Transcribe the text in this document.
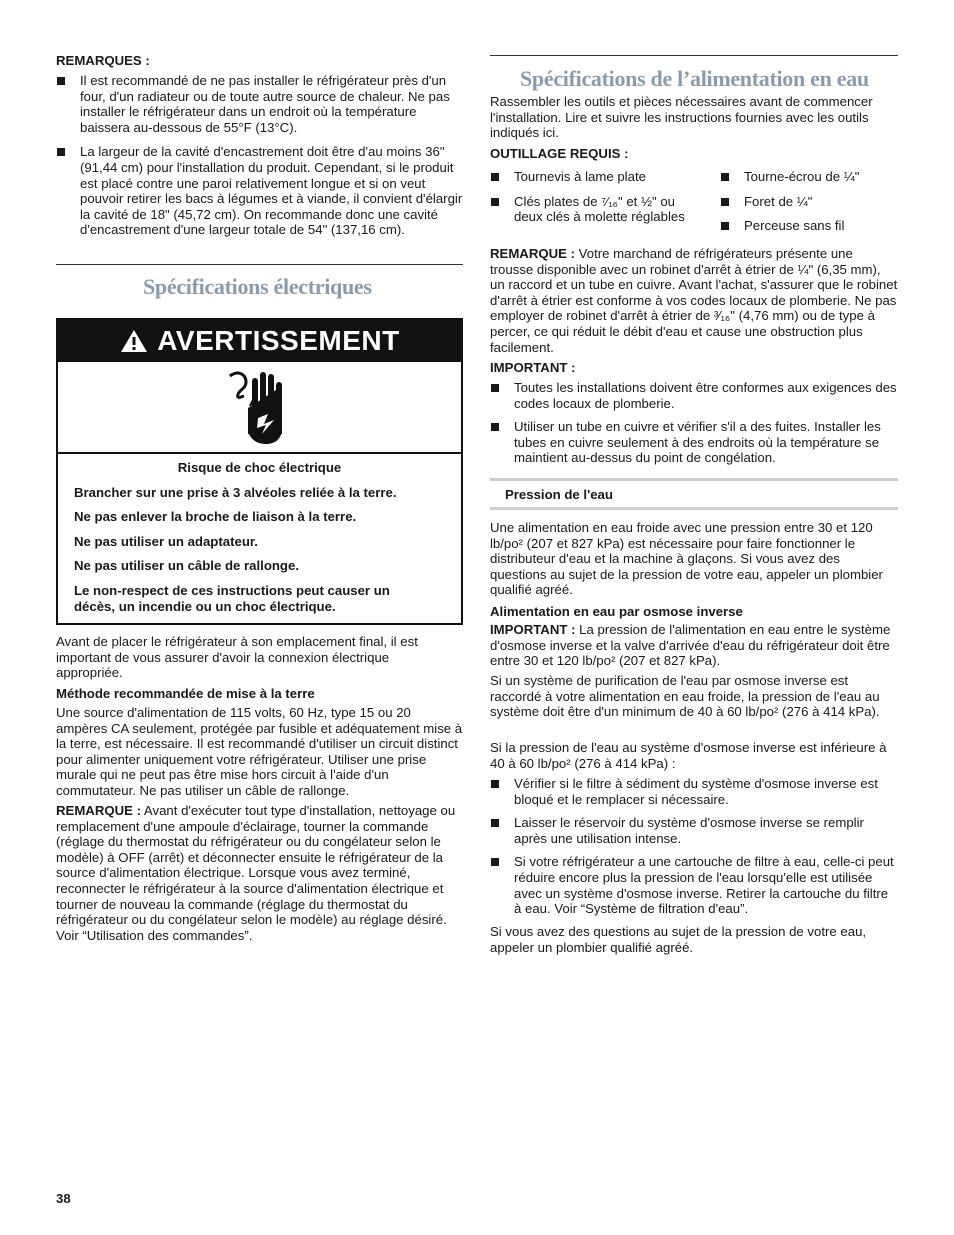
REMARQUES :

Il est recommandé de ne pas installer le réfrigérateur près d'un four, d'un radiateur ou de toute autre source de chaleur. Ne pas installer le réfrigérateur dans un endroit où la température baissera au-dessous de 55°F (13°C).
La largeur de la cavité d'encastrement doit être d'au moins 36" (91,44 cm) pour l'installation du produit. Cependant, si le produit est placé contre une paroi relativement longue et si on veut pouvoir retirer les bacs à légumes et à viande, il convient d'élargir la cavité de 18" (45,72 cm). On recommande donc une cavité d'encastrement d'une largeur totale de 54" (137,16 cm).
Spécifications électriques
AVERTISSEMENT

Risque de choc électrique

Brancher sur une prise à 3 alvéoles reliée à la terre.

Ne pas enlever la broche de liaison à la terre.

Ne pas utiliser un adaptateur.

Ne pas utiliser un câble de rallonge.

Le non-respect de ces instructions peut causer un décès, un incendie ou un choc électrique.

Avant de placer le réfrigérateur à son emplacement final, il est important de vous assurer d'avoir la connexion électrique appropriée.

Méthode recommandée de mise à la terre

Une source d'alimentation de 115 volts, 60 Hz, type 15 ou 20 ampères CA seulement, protégée par fusible et adéquatement mise à la terre, est nécessaire. Il est recommandé d'utiliser un circuit distinct pour alimenter uniquement votre réfrigérateur. Utiliser une prise murale qui ne peut pas être mise hors circuit à l'aide d'un commutateur. Ne pas utiliser un câble de rallonge.

REMARQUE : Avant d'exécuter tout type d'installation, nettoyage ou remplacement d'une ampoule d'éclairage, tourner la commande (réglage du thermostat du réfrigérateur ou du congélateur selon le modèle) à OFF (arrêt) et déconnecter ensuite le réfrigérateur de la source d'alimentation électrique. Lorsque vous avez terminé, reconnecter le réfrigérateur à la source d'alimentation électrique et tourner de nouveau la commande (réglage du thermostat du réfrigérateur ou du congélateur selon le modèle) au réglage désiré. Voir “Utilisation des commandes”.

Spécifications de l’alimentation en eau

Rassembler les outils et pièces nécessaires avant de commencer l'installation. Lire et suivre les instructions fournies avec les outils indiqués ici.

OUTILLAGE REQUIS :

Tournevis à lame plate
Clés plates de ⁷⁄₁₆" et ½" ou deux clés à molette réglables
Tourne-écrou de ¼"
Foret de ¼"
Perceuse sans fil

REMARQUE : Votre marchand de réfrigérateurs présente une trousse disponible avec un robinet d'arrêt à étrier de ¼" (6,35 mm), un raccord et un tube en cuivre. Avant l'achat, s'assurer que le robinet d'arrêt à étrier est conforme à vos codes locaux de plomberie. Ne pas employer de robinet d'arrêt à étrier de ³⁄₁₆" (4,76 mm) ou de type à percer, ce qui réduit le débit d'eau et cause une obstruction plus facilement.

IMPORTANT :

Toutes les installations doivent être conformes aux exigences des codes locaux de plomberie.
Utiliser un tube en cuivre et vérifier s'il a des fuites. Installer les tubes en cuivre seulement à des endroits où la température se maintient au-dessus du point de congélation.

Pression de l'eau

Une alimentation en eau froide avec une pression entre 30 et 120 lb/po² (207 et 827 kPa) est nécessaire pour faire fonctionner le distributeur d'eau et la machine à glaçons. Si vous avez des questions au sujet de la pression de votre eau, appeler un plombier qualifié agréé.

Alimentation en eau par osmose inverse

IMPORTANT : La pression de l'alimentation en eau entre le système d'osmose inverse et la valve d'arrivée d'eau du réfrigérateur doit être entre 30 et 120 lb/po² (207 et 827 kPa).

Si un système de purification de l'eau par osmose inverse est raccordé à votre alimentation en eau froide, la pression de l'eau au système doit être d'un minimum de 40 à 60 lb/po² (276 à 414 kPa).

Si la pression de l'eau au système d'osmose inverse est inférieure à 40 à 60 lb/po² (276 à 414 kPa) :

Vérifier si le filtre à sédiment du système d'osmose inverse est bloqué et le remplacer si nécessaire.
Laisser le réservoir du système d'osmose inverse se remplir après une utilisation intense.
Si votre réfrigérateur a une cartouche de filtre à eau, celle-ci peut réduire encore plus la pression de l'eau lorsqu'elle est utilisée avec un système d'osmose inverse. Retirer la cartouche du filtre à eau. Voir “Système de filtration d'eau”.

Si vous avez des questions au sujet de la pression de votre eau, appeler un plombier qualifié agréé.

38
